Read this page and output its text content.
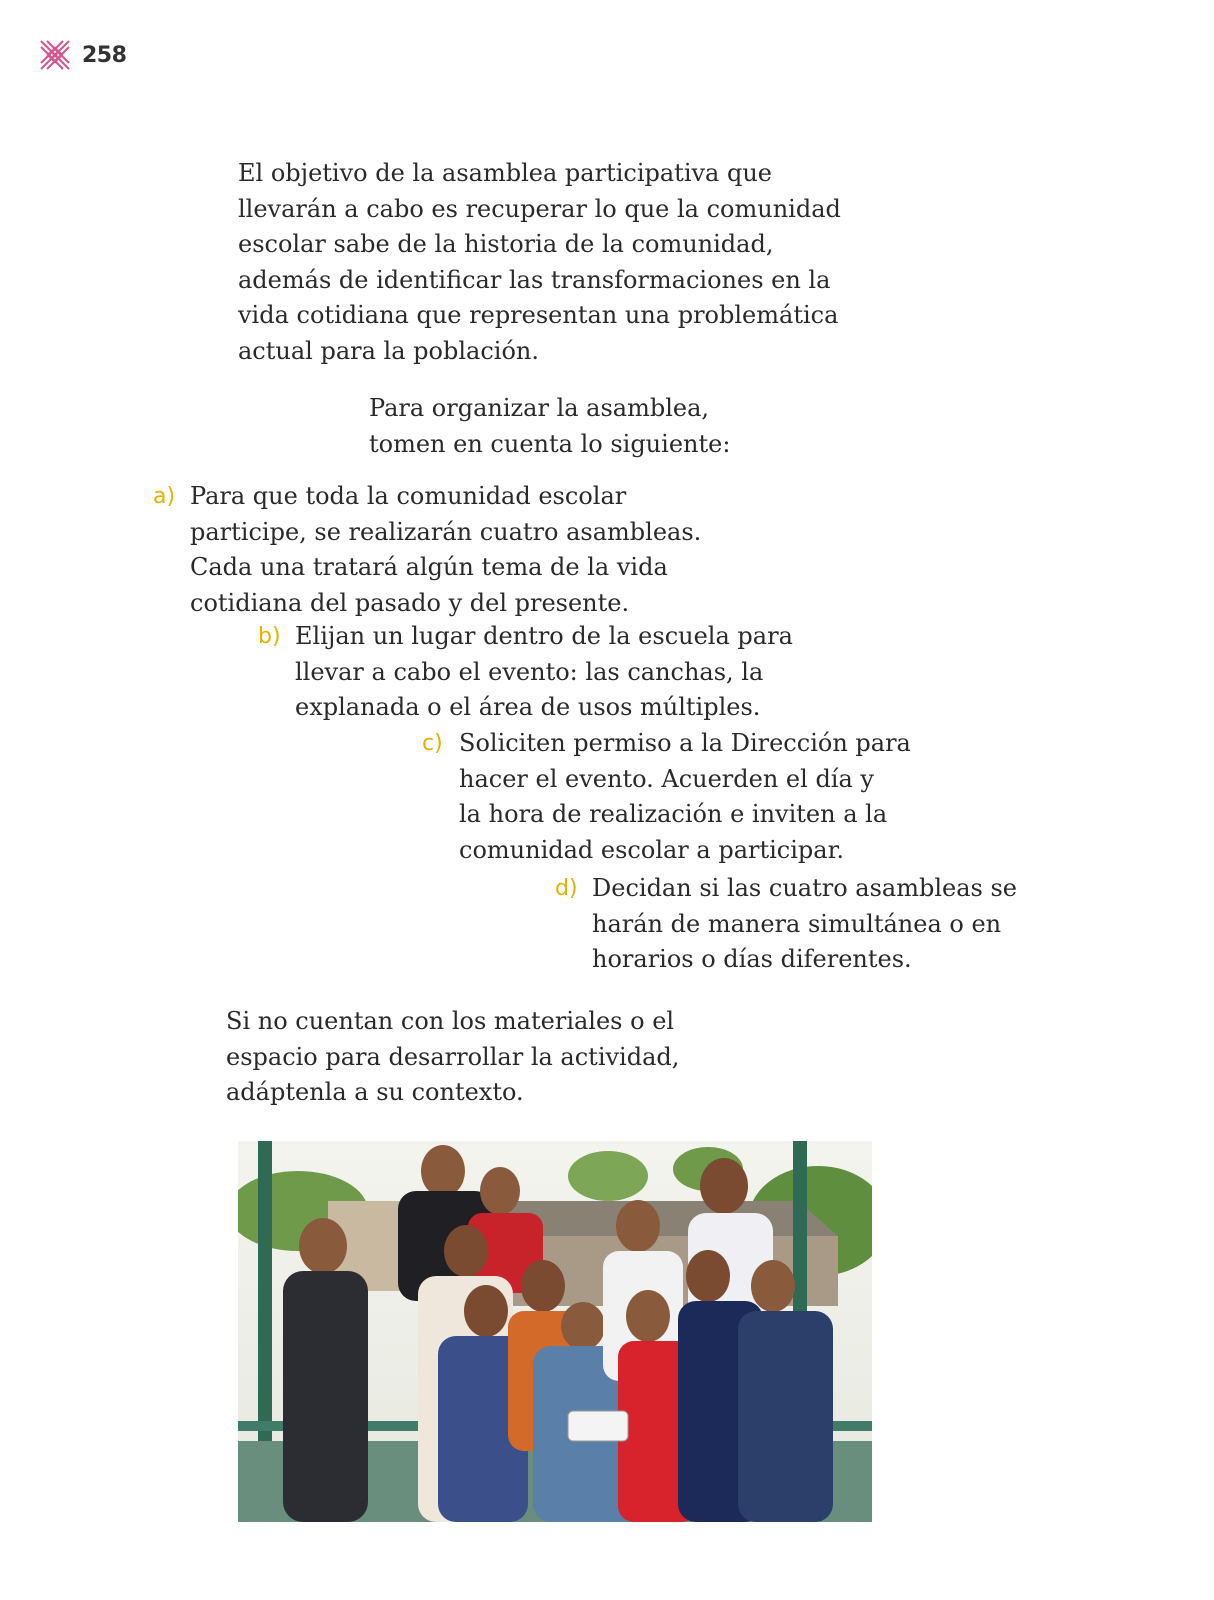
258
El objetivo de la asamblea participativa que
llevarán a cabo es recuperar lo que la comunidad
escolar sabe de la historia de la comunidad,
además de identificar las transformaciones en la
vida cotidiana que representan una problemática
actual para la población.
Para organizar la asamblea,
tomen en cuenta lo siguiente:
a) Para que toda la comunidad escolar
participe, se realizarán cuatro asambleas.
Cada una tratará algún tema de la vida
cotidiana del pasado y del presente.
b) Elijan un lugar dentro de la escuela para
llevar a cabo el evento: las canchas, la
explanada o el área de usos múltiples.
c) Soliciten permiso a la Dirección para
hacer el evento. Acuerden el día y
la hora de realización e inviten a la
comunidad escolar a participar.
d) Decidan si las cuatro asambleas se
harán de manera simultánea o en
horarios o días diferentes.
Si no cuentan con los materiales o el
espacio para desarrollar la actividad,
adáptenla a su contexto.
